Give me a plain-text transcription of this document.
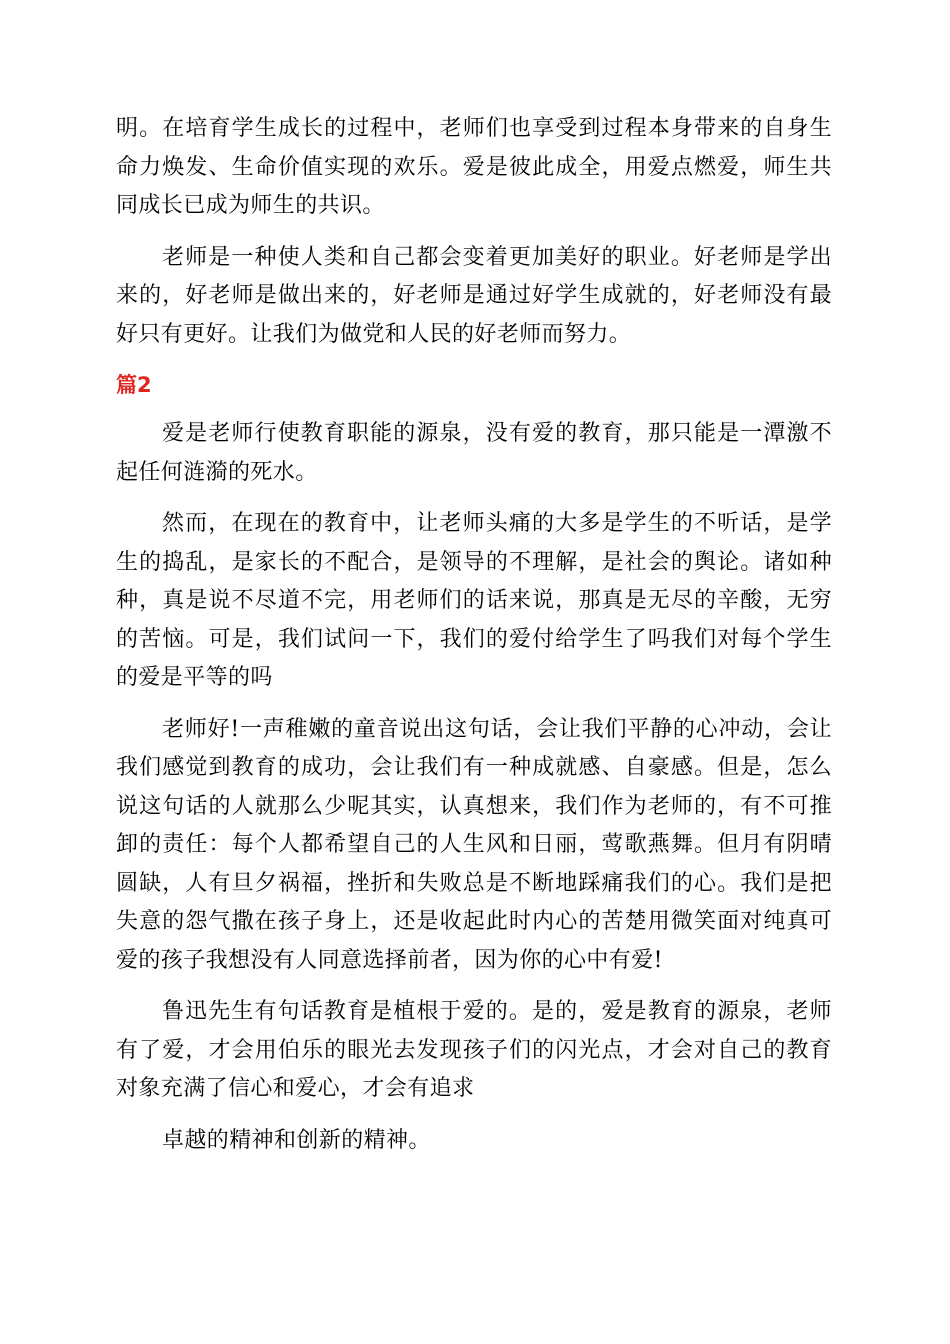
明。在培育学生成长的过程中，老师们也享受到过程本身带来的自身生命力焕发、生命价值实现的欢乐。爱是彼此成全，用爱点燃爱，师生共同成长已成为师生的共识。

老师是一种使人类和自己都会变着更加美好的职业。好老师是学出来的，好老师是做出来的，好老师是通过好学生成就的，好老师没有最好只有更好。让我们为做党和人民的好老师而努力。

篇2

爱是老师行使教育职能的源泉，没有爱的教育，那只能是一潭激不起任何涟漪的死水。

然而，在现在的教育中，让老师头痛的大多是学生的不听话，是学生的捣乱，是家长的不配合，是领导的不理解，是社会的舆论。诸如种种，真是说不尽道不完，用老师们的话来说，那真是无尽的辛酸，无穷的苦恼。可是，我们试问一下，我们的爱付给学生了吗我们对每个学生的爱是平等的吗

老师好!一声稚嫩的童音说出这句话，会让我们平静的心冲动，会让我们感觉到教育的成功，会让我们有一种成就感、自豪感。但是，怎么说这句话的人就那么少呢其实，认真想来，我们作为老师的，有不可推卸的责任：每个人都希望自己的人生风和日丽，莺歌燕舞。但月有阴晴圆缺，人有旦夕祸福，挫折和失败总是不断地踩痛我们的心。我们是把失意的怨气撒在孩子身上，还是收起此时内心的苦楚用微笑面对纯真可爱的孩子我想没有人同意选择前者，因为你的心中有爱!

鲁迅先生有句话教育是植根于爱的。是的，爱是教育的源泉，老师有了爱，才会用伯乐的眼光去发现孩子们的闪光点，才会对自己的教育对象充满了信心和爱心，才会有追求

卓越的精神和创新的精神。
